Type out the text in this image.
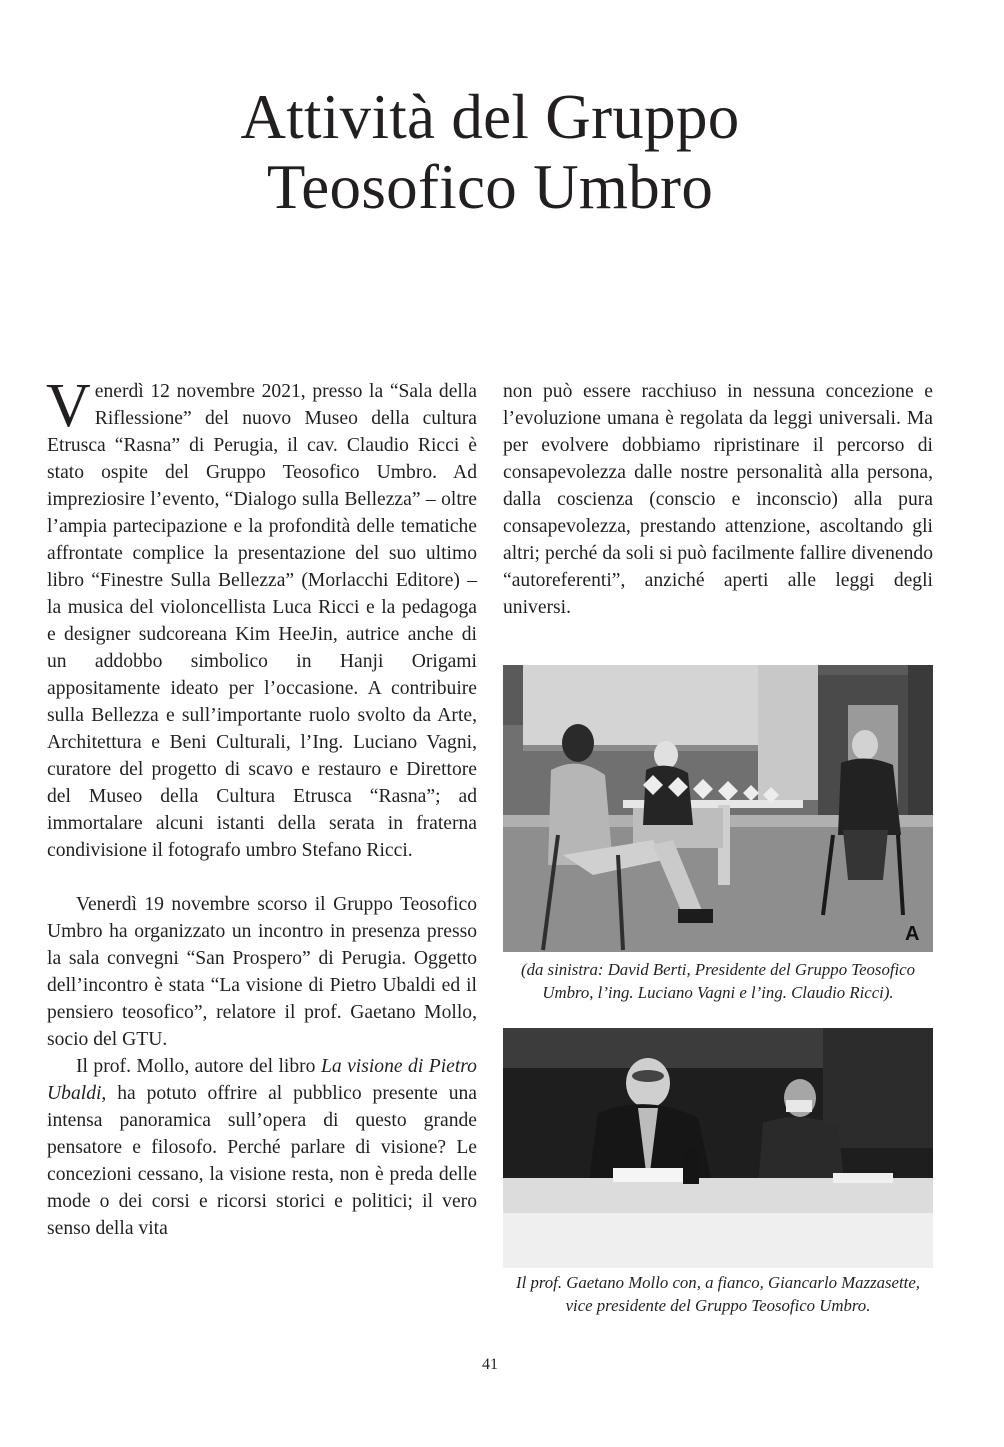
Attività del Gruppo
Teosofico Umbro

Venerdì 12 novembre 2021, presso la “Sala della Riflessione” del nuovo Museo della cultura Etrusca “Rasna” di Perugia, il cav. Claudio Ricci è stato ospite del Gruppo Teosofico Umbro. Ad impreziosire l’evento, “Dialogo sulla Bellezza” – oltre l’ampia partecipazione e la profondità delle tematiche affrontate complice la presentazione del suo ultimo libro “Finestre Sulla Bellezza” (Morlacchi Editore) – la musica del violoncellista Luca Ricci e la pedagoga e designer sudcoreana Kim HeeJin, autrice anche di un addobbo simbolico in Hanji Origami appositamente ideato per l’occasione. A contribuire sulla Bellezza e sull’importante ruolo svolto da Arte, Architettura e Beni Culturali, l’Ing. Luciano Vagni, curatore del progetto di scavo e restauro e Direttore del Museo della Cultura Etrusca “Rasna”; ad immortalare alcuni istanti della serata in fraterna condivisione il fotografo umbro Stefano Ricci.

Venerdì 19 novembre scorso il Gruppo Teosofico Umbro ha organizzato un incontro in presenza presso la sala convegni “San Prospero” di Perugia. Oggetto dell’incontro è stata “La visione di Pietro Ubaldi ed il pensiero teosofico”, relatore il prof. Gaetano Mollo, socio del GTU.

Il prof. Mollo, autore del libro La visione di Pietro Ubaldi, ha potuto offrire al pubblico presente una intensa panoramica sull’opera di questo grande pensatore e filosofo. Perché parlare di visione? Le concezioni cessano, la visione resta, non è preda delle mode o dei corsi e ricorsi storici e politici; il vero senso della vita

non può essere racchiuso in nessuna concezione e l’evoluzione umana è regolata da leggi universali. Ma per evolvere dobbiamo ripristinare il percorso di consapevolezza dalle nostre personalità alla persona, dalla coscienza (conscio e inconscio) alla pura consapevolezza, prestando attenzione, ascoltando gli altri; perché da soli si può facilmente fallire divenendo “autoreferenti”, anziché aperti alle leggi degli universi.

A
(da sinistra: David Berti, Presidente del Gruppo Teosofico Umbro, l’ing. Luciano Vagni e l’ing. Claudio Ricci).
Il prof. Gaetano Mollo con, a fianco, Giancarlo Mazzasette, vice presidente del Gruppo Teosofico Umbro.
41
